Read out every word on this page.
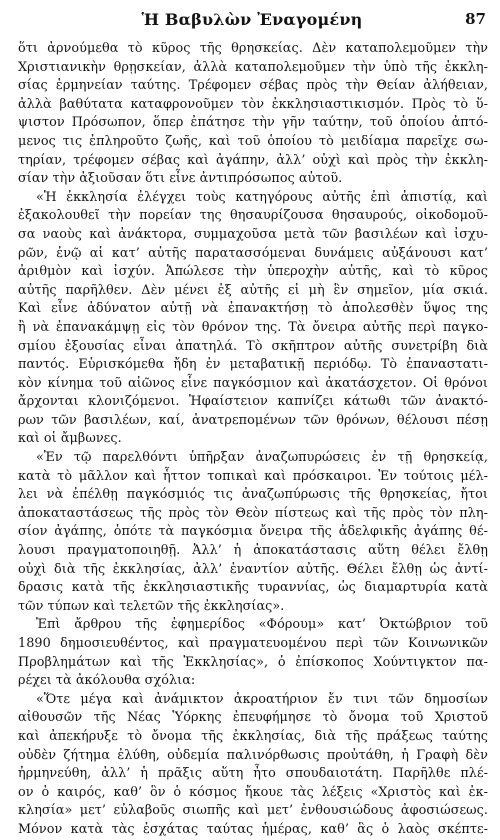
Ἡ Βαβυλὼν Ἐναγομένη	87
ὅτι ἀρνούμεθα τὸ κῦρος τῆς θρησκείας. Δὲν καταπολεμοῦμεν τὴν
Χριστιανικὴν θρῃσκείαν, ἀλλὰ καταπολεμοῦμεν τὴν ὑπὸ τῆς ἐκκλη-
σίας ἑρμηνείαν ταύτης. Τρέφομεν σέβας πρὸς τὴν Θείαν ἀλήθειαν,
ἀλλὰ βαθύτατα καταφρονοῦμεν τὸν ἐκκλησιαστικισμόν. Πρὸς τὸ ὕ-
ψιστον Πρόσωπον, ὅπερ ἐπάτησε τὴν γῆν ταύτην, τοῦ ὁποίου ἀπτό-
μενος τις ἐπληροῦτο ζωῆς, καὶ τοῦ ὁποίου τὸ μειδίαμα παρεῖχε σω-
τηρίαν, τρέφομεν σέβας καὶ ἀγάπην, ἀλλ’ οὐχὶ καὶ πρὸς τὴν ἐκκλη-
σίαν τὴν ἀξιοῦσαν ὅτι εἶνε ἀντιπρόσωπος αὐτοῦ.
«Ἡ ἐκκλησία ἐλέγχει τοὺς κατηγόρους αὐτῆς ἐπὶ ἀπιστίᾳ, καὶ
ἐξακολουθεῖ τὴν πορείαν της θησαυρίζουσα θησαυρούς, οἰκοδομοῦ-
σα ναοὺς καὶ ἀνάκτορα, συμμαχοῦσα μετὰ τῶν βασιλέων καὶ ἰσχυ-
ρῶν, ἐνῷ αἱ κατ’ αὐτῆς παρατασσόμεναι δυνάμεις αὐξάνουσι κατ’
ἀριθμὸν καὶ ἰσχύν. Ἀπώλεσε τὴν ὑπεροχὴν αὐτῆς, καὶ τὸ κῦρος
αὐτῆς παρῆλθεν. Δὲν μένει ἐξ αὐτῆς εἰ μὴ ἓν σημεῖον, μία σκιά.
Καὶ εἶνε ἀδύνατον αὐτῇ νὰ ἐπανακτήσῃ τὸ ἀπολεσθὲν ὕψος της
ἢ νὰ ἐπανακάμψῃ εἰς τὸν θρόνον της. Τὰ ὄνειρα αὐτῆς περὶ παγκο-
σμίου ἐξουσίας εἶναι ἀπατηλά. Τὸ σκῆπτρον αὐτῆς συνετρίβη διὰ
παντός. Εὑρισκόμεθα ἤδη ἐν μεταβατικῇ περιόδῳ. Τὸ ἐπαναστατι-
κὸν κίνημα τοῦ αἰῶνος εἶνε παγκόσμιον καὶ ἀκατάσχετον. Οἱ θρόνοι
ἄρχονται κλονιζόμενοι. Ἡφαίστειον καπνίζει κάτωθι τῶν ἀνακτό-
ρων τῶν βασιλέων, καί, ἀνατρεπομένων τῶν θρόνων, θέλουσι πέσῃ
καὶ οἱ ἄμβωνες.
«Ἐν τῷ παρελθόντι ὑπῆρξαν ἀναζωπυρώσεις ἐν τῇ θρησκείᾳ,
κατὰ τὸ μᾶλλον καὶ ἧττον τοπικαὶ καὶ πρόσκαιροι. Ἐν τούτοις μέλ-
λει νὰ ἐπέλθῃ παγκόσμιός τις ἀναζωπύρωσις τῆς θρησκείας, ἤτοι
ἀποκαταστάσεως τῆς πρὸς τὸν Θεὸν πίστεως καὶ τῆς πρὸς τὸν πλη-
σίον ἀγάπης, ὁπότε τὰ παγκόσμια ὄνειρα τῆς ἀδελφικῆς ἀγάπης θέ-
λουσι πραγματοποιηθῇ. Ἀλλ’ ἡ ἀποκατάστασις αὕτη θέλει ἔλθῃ
οὐχὶ διὰ τῆς ἐκκλησίας, ἀλλ’ ἐναντίον αὐτῆς. Θέλει ἔλθῃ ὡς ἀντί-
δρασις κατὰ τῆς ἐκκλησιαστικῆς τυραννίας, ὡς διαμαρτυρία κατὰ
τῶν τύπων καὶ τελετῶν τῆς ἐκκλησίας».
Ἐπὶ ἄρθρου τῆς ἐφημερίδος «Φόρουμ» κατ’ Ὀκτώβριον τοῦ
1890 δημοσιευθέντος, καὶ πραγματευομένου περὶ τῶν Κοινωνικῶν
Προβλημάτων καὶ τῆς Ἐκκλησίας», ὁ ἐπίσκοπος Χούντιγκτον πα-
ρέχει τὰ ἀκόλουθα σχόλια:
«Ὅτε μέγα καὶ ἀνάμικτον ἀκροατήριον ἔν τινι τῶν δημοσίων
αἰθουσῶν τῆς Νέας Ὑόρκης ἐπευφήμησε τὸ ὄνομα τοῦ Χριστοῦ
καὶ ἀπεκήρυξε τὸ ὄνομα τῆς ἐκκλησίας, διὰ τῆς πράξεως ταύτης
οὐδὲν ζήτημα ἐλύθη, οὐδεμία παλινόρθωσις προὐτάθη, ἡ Γραφὴ δὲν
ἠρμηνεύθη, ἀλλ’ ἡ πρᾶξις αὕτη ἦτο σπουδαιοτάτη. Παρῆλθε πλέ-
ον ὁ καιρός, καθ’ ὃν ὁ κόσμος ἤκουε τὰς λέξεις «Χριστὸς καὶ ἐκ-
κλησία» μετ’ εὐλαβοῦς σιωπῆς καὶ μετ’ ἐνθουσιώδους ἀφοσιώσεως.
Μόνον κατὰ τὰς ἐσχάτας ταύτας ἡμέρας, καθ’ ἃς ὁ λαὸς σκέπτε-
